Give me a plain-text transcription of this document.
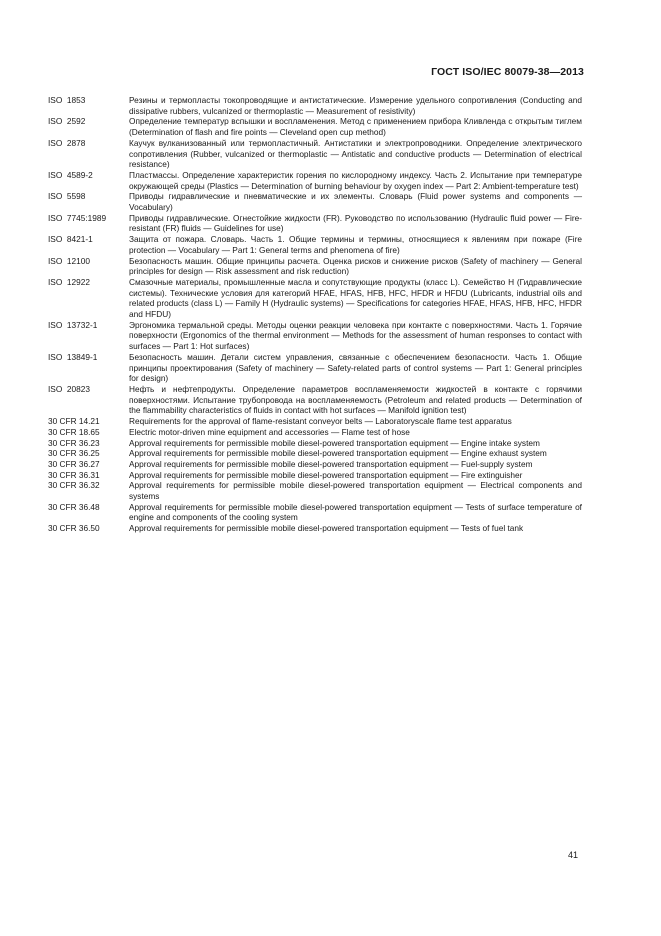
ГОСТ ISO/IEC 80079-38—2013
ISO  1853	Резины и термопласты токопроводящие и антистатические. Измерение удельного сопротивления (Conducting and dissipative rubbers, vulcanized or thermoplastic — Measurement of resistivity)
ISO  2592	Определение температур вспышки и воспламенения. Метод с применением прибора Кливленда с открытым тиглем (Determination of flash and fire points — Cleveland open cup method)
ISO  2878	Каучук вулканизованный или термопластичный. Антистатики и электропроводники. Определение электрического сопротивления (Rubber, vulcanized or thermoplastic — Antistatic and conductive products — Determination of electrical resistance)
ISO  4589-2	Пластмассы. Определение характеристик горения по кислородному индексу. Часть 2. Испытание при температуре окружающей среды (Plastics — Determination of burning behaviour by oxygen index — Part 2: Ambient-temperature test)
ISO  5598	Приводы гидравлические и пневматические и их элементы. Словарь (Fluid power systems and components — Vocabulary)
ISO  7745:1989	Приводы гидравлические. Огнестойкие жидкости (FR). Руководство по использованию (Hydraulic fluid power — Fire-resistant (FR) fluids — Guidelines for use)
ISO  8421-1	Защита от пожара. Словарь. Часть 1. Общие термины и термины, относящиеся к явлениям при пожаре (Fire protection — Vocabulary — Part 1: General terms and phenomena of fire)
ISO  12100	Безопасность машин. Общие принципы расчета. Оценка рисков и снижение рисков (Safety of machinery — General principles for design — Risk assessment and risk reduction)
ISO  12922	Смазочные материалы, промышленные масла и сопутствующие продукты (класс L). Семейство H (Гидравлические системы). Технические условия для категорий HFAE, HFAS, HFB, HFC, HFDR и HFDU (Lubricants, industrial oils and related products (class L) — Family H (Hydraulic systems) — Specifications for categories HFAE, HFAS, HFB, HFC, HFDR and HFDU)
ISO  13732-1	Эргономика термальной среды. Методы оценки реакции человека при контакте с поверхностями. Часть 1. Горячие поверхности (Ergonomics of the thermal environment — Methods for the assessment of human responses to contact with surfaces — Part 1: Hot surfaces)
ISO  13849-1	Безопасность машин. Детали систем управления, связанные с обеспечением безопасности. Часть 1. Общие принципы проектирования (Safety of machinery — Safety-related parts of control systems — Part 1: General principles for design)
ISO  20823	Нефть и нефтепродукты. Определение параметров воспламеняемости жидкостей в контакте с горячими поверхностями. Испытание трубопровода на воспламеняемость (Petroleum and related products — Determination of the flammability characteristics of fluids in contact with hot surfaces — Manifold ignition test)
30 CFR 14.21	Requirements for the approval of flame-resistant conveyor belts — Laboratoryscale flame test apparatus
30 CFR 18.65	Electric motor-driven mine equipment and accessories — Flame test of hose
30 CFR 36.23	Approval requirements for permissible mobile diesel-powered transportation equipment — Engine intake system
30 CFR 36.25	Approval requirements for permissible mobile diesel-powered transportation equipment — Engine exhaust system
30 CFR 36.27	Approval requirements for permissible mobile diesel-powered transportation equipment — Fuel-supply system
30 CFR 36.31	Approval requirements for permissible mobile diesel-powered transportation equipment — Fire extinguisher
30 CFR 36.32	Approval requirements for permissible mobile diesel-powered transportation equipment — Electrical components and systems
30 CFR 36.48	Approval requirements for permissible mobile diesel-powered transportation equipment — Tests of surface temperature of engine and components of the cooling system
30 CFR 36.50	Approval requirements for permissible mobile diesel-powered transportation equipment — Tests of fuel tank
41
